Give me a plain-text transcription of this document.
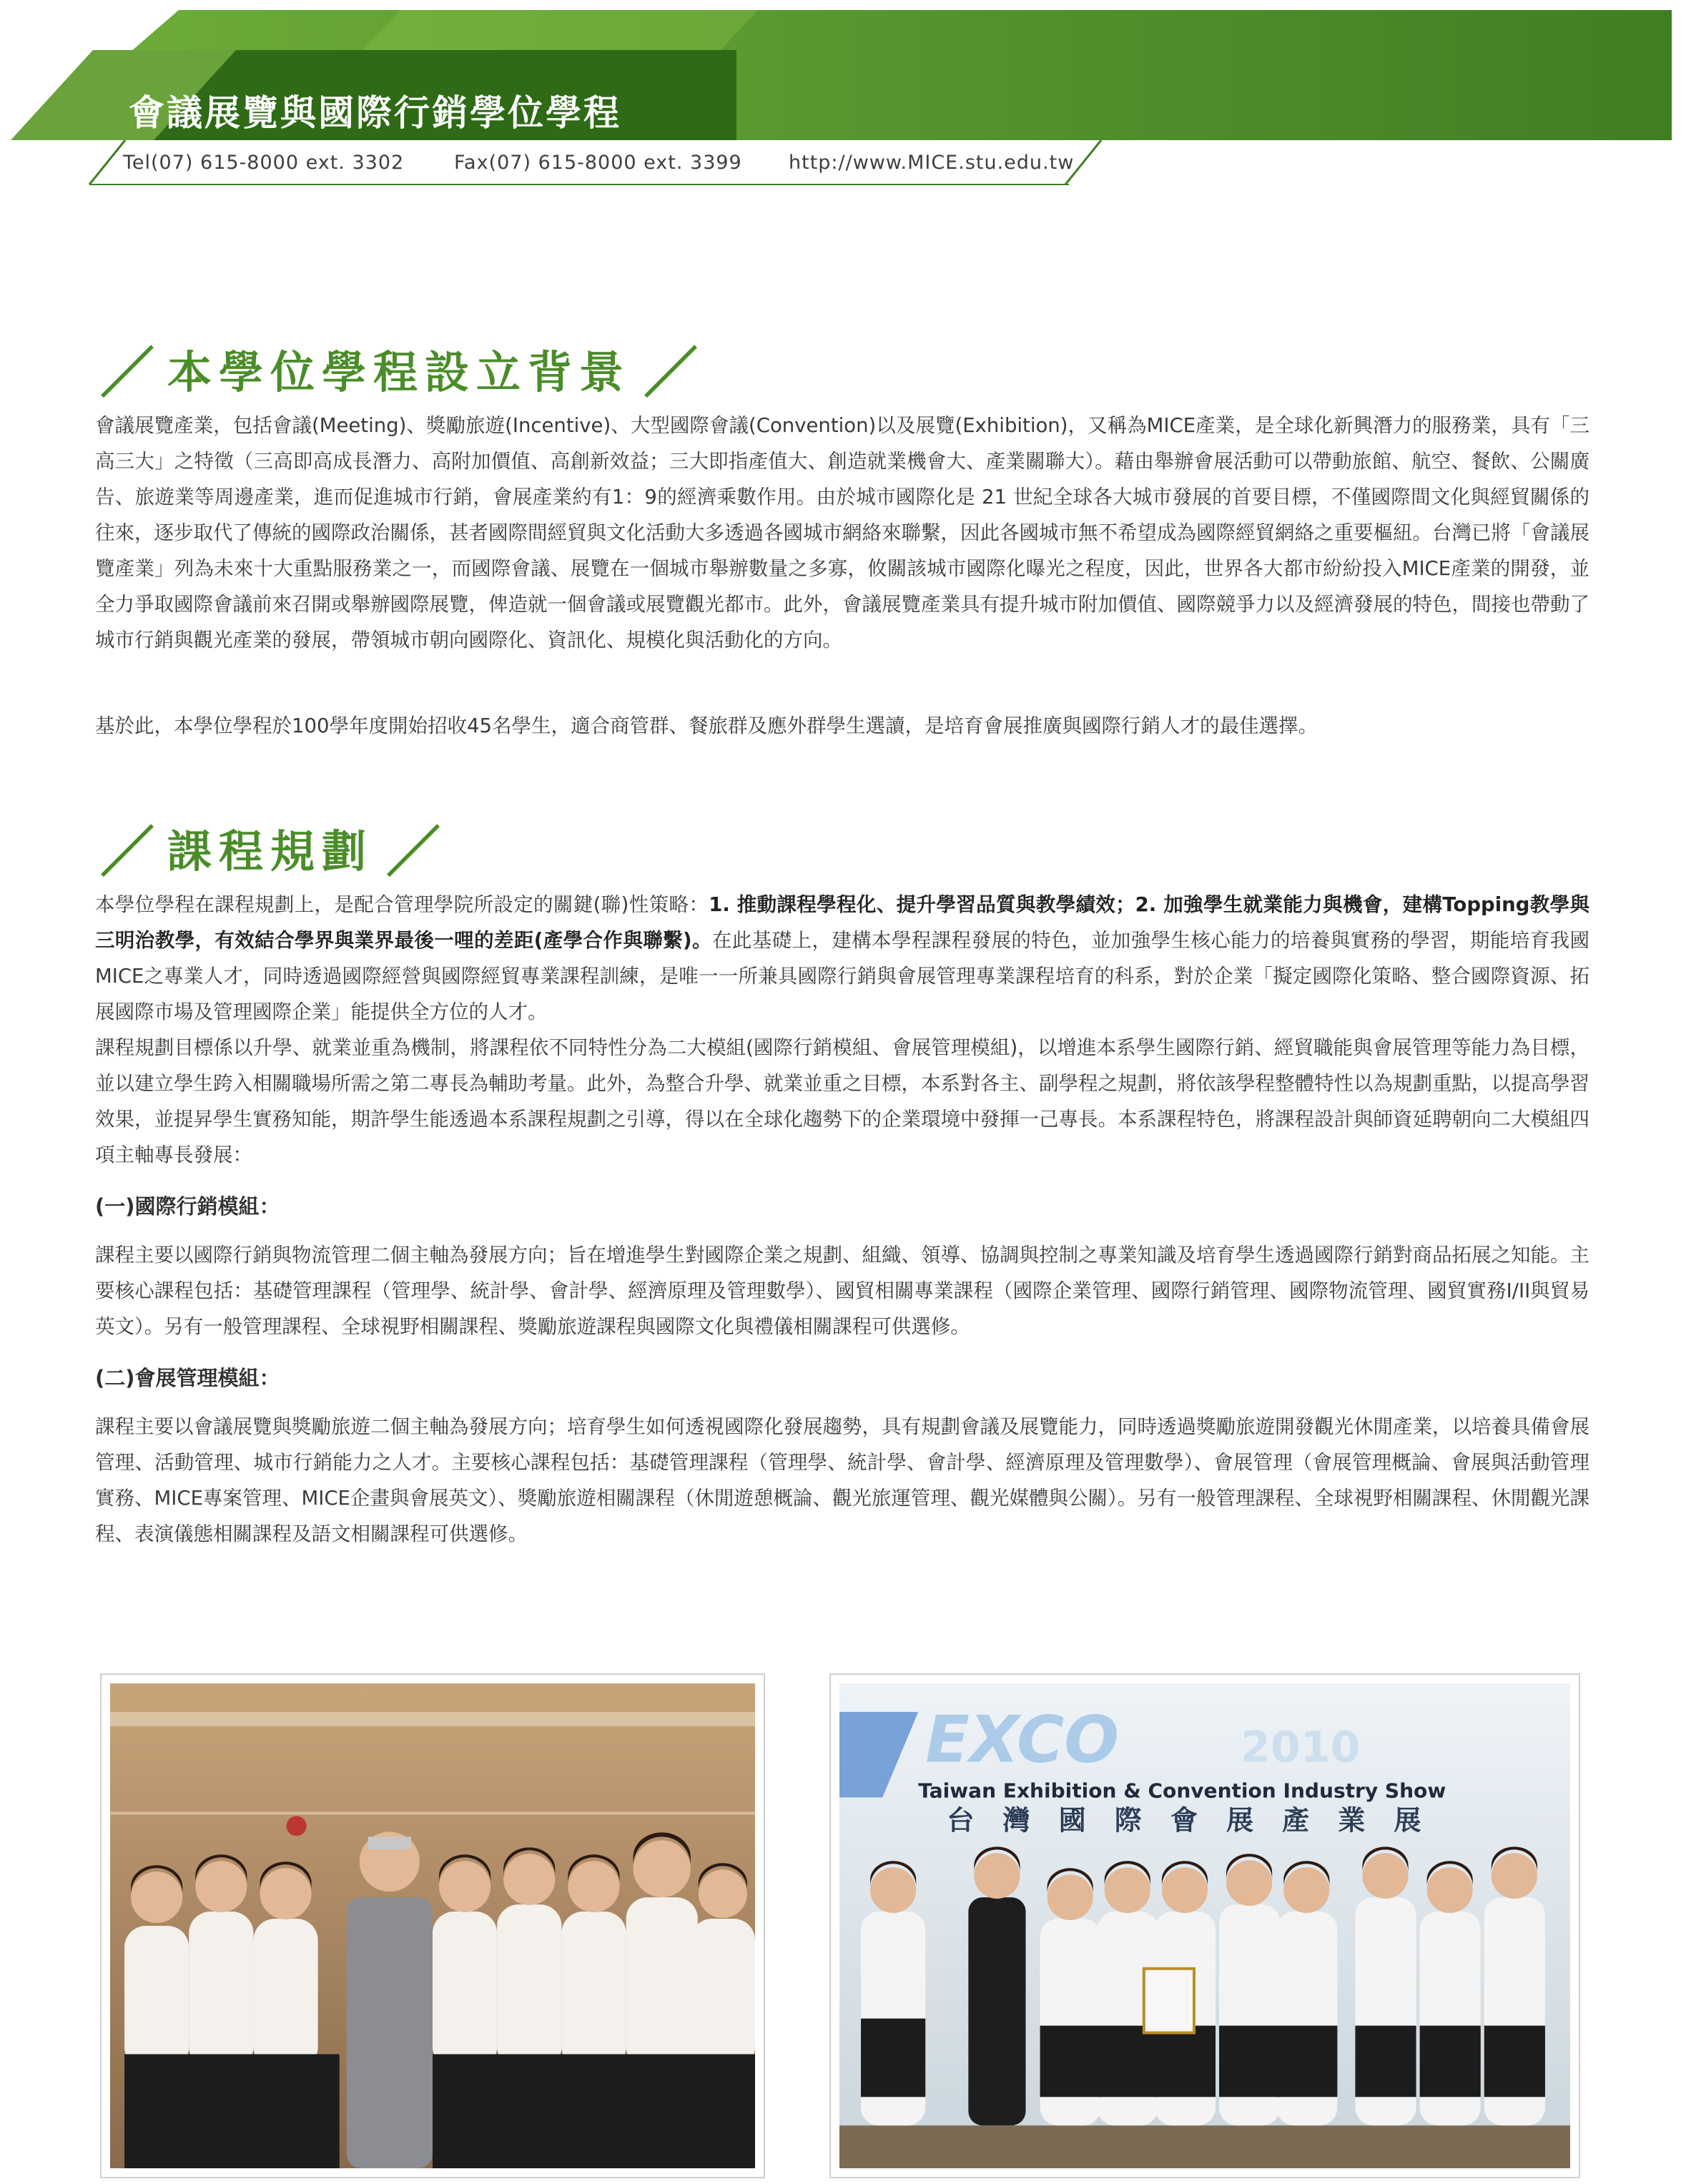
會議展覽與國際行銷學位學程
Tel(07) 615-8000 ext. 3302	Fax(07) 615-8000 ext. 3399 http://www.MICE.stu.edu.tw
／ 本學位學程設立背景 ／

會議展覽產業，包括會議(Meeting)、獎勵旅遊(Incentive)、大型國際會議(Convention)以及展覽(Exhibition)，又稱為MICE產業，是全球化新興潛力的服務業，具有「三高三大」之特徵（三高即高成長潛力、高附加價值、高創新效益；三大即指產值大、創造就業機會大、產業關聯大）。藉由舉辦會展活動可以帶動旅館、航空、餐飲、公關廣告、旅遊業等周邊產業，進而促進城市行銷，會展產業約有1：9的經濟乘數作用。由於城市國際化是 21 世紀全球各大城市發展的首要目標，不僅國際間文化與經貿關係的往來，逐步取代了傳統的國際政治關係，甚者國際間經貿與文化活動大多透過各國城市網絡來聯繫，因此各國城市無不希望成為國際經貿網絡之重要樞紐。台灣已將「會議展覽產業」列為未來十大重點服務業之一，而國際會議、展覽在一個城市舉辦數量之多寡，攸關該城市國際化曝光之程度，因此，世界各大都市紛紛投入MICE產業的開發，並全力爭取國際會議前來召開或舉辦國際展覽，俾造就一個會議或展覽觀光都市。此外，會議展覽產業具有提升城市附加價值、國際競爭力以及經濟發展的特色，間接也帶動了城市行銷與觀光產業的發展，帶領城市朝向國際化、資訊化、規模化與活動化的方向。

基於此，本學位學程於100學年度開始招收45名學生，適合商管群、餐旅群及應外群學生選讀，是培育會展推廣與國際行銷人才的最佳選擇。

／ 課程規劃 ／

本學位學程在課程規劃上，是配合管理學院所設定的關鍵(聯)性策略：1. 推動課程學程化、提升學習品質與教學績效；2. 加強學生就業能力與機會，建構Topping教學與三明治教學，有效結合學界與業界最後一哩的差距(產學合作與聯繫)。在此基礎上，建構本學程課程發展的特色，並加強學生核心能力的培養與實務的學習，期能培育我國MICE之專業人才，同時透過國際經營與國際經貿專業課程訓練，是唯一一所兼具國際行銷與會展管理專業課程培育的科系，對於企業「擬定國際化策略、整合國際資源、拓展國際市場及管理國際企業」能提供全方位的人才。

課程規劃目標係以升學、就業並重為機制，將課程依不同特性分為二大模組(國際行銷模組、會展管理模組)，以增進本系學生國際行銷、經貿職能與會展管理等能力為目標，並以建立學生跨入相關職場所需之第二專長為輔助考量。此外，為整合升學、就業並重之目標，本系對各主、副學程之規劃，將依該學程整體特性以為規劃重點，以提高學習效果，並提昇學生實務知能，期許學生能透過本系課程規劃之引導，得以在全球化趨勢下的企業環境中發揮一己專長。本系課程特色，將課程設計與師資延聘朝向二大模組四項主軸專長發展：

(一)國際行銷模組：

課程主要以國際行銷與物流管理二個主軸為發展方向；旨在增進學生對國際企業之規劃、組織、領導、協調與控制之專業知識及培育學生透過國際行銷對商品拓展之知能。主要核心課程包括：基礎管理課程（管理學、統計學、會計學、經濟原理及管理數學）、國貿相關專業課程（國際企業管理、國際行銷管理、國際物流管理、國貿實務I/II與貿易英文）。另有一般管理課程、全球視野相關課程、獎勵旅遊課程與國際文化與禮儀相關課程可供選修。

(二)會展管理模組：

課程主要以會議展覽與獎勵旅遊二個主軸為發展方向；培育學生如何透視國際化發展趨勢，具有規劃會議及展覽能力，同時透過獎勵旅遊開發觀光休閒產業，以培養具備會展管理、活動管理、城市行銷能力之人才。主要核心課程包括：基礎管理課程（管理學、統計學、會計學、經濟原理及管理數學）、會展管理（會展管理概論、會展與活動管理實務、MICE專案管理、MICE企畫與會展英文）、獎勵旅遊相關課程（休閒遊憩概論、觀光旅運管理、觀光媒體與公關）。另有一般管理課程、全球視野相關課程、休閒觀光課程、表演儀態相關課程及語文相關課程可供選修。

EXCO	2010
Taiwan Exhibition & Convention Industry Show
台灣國際會展產業展
